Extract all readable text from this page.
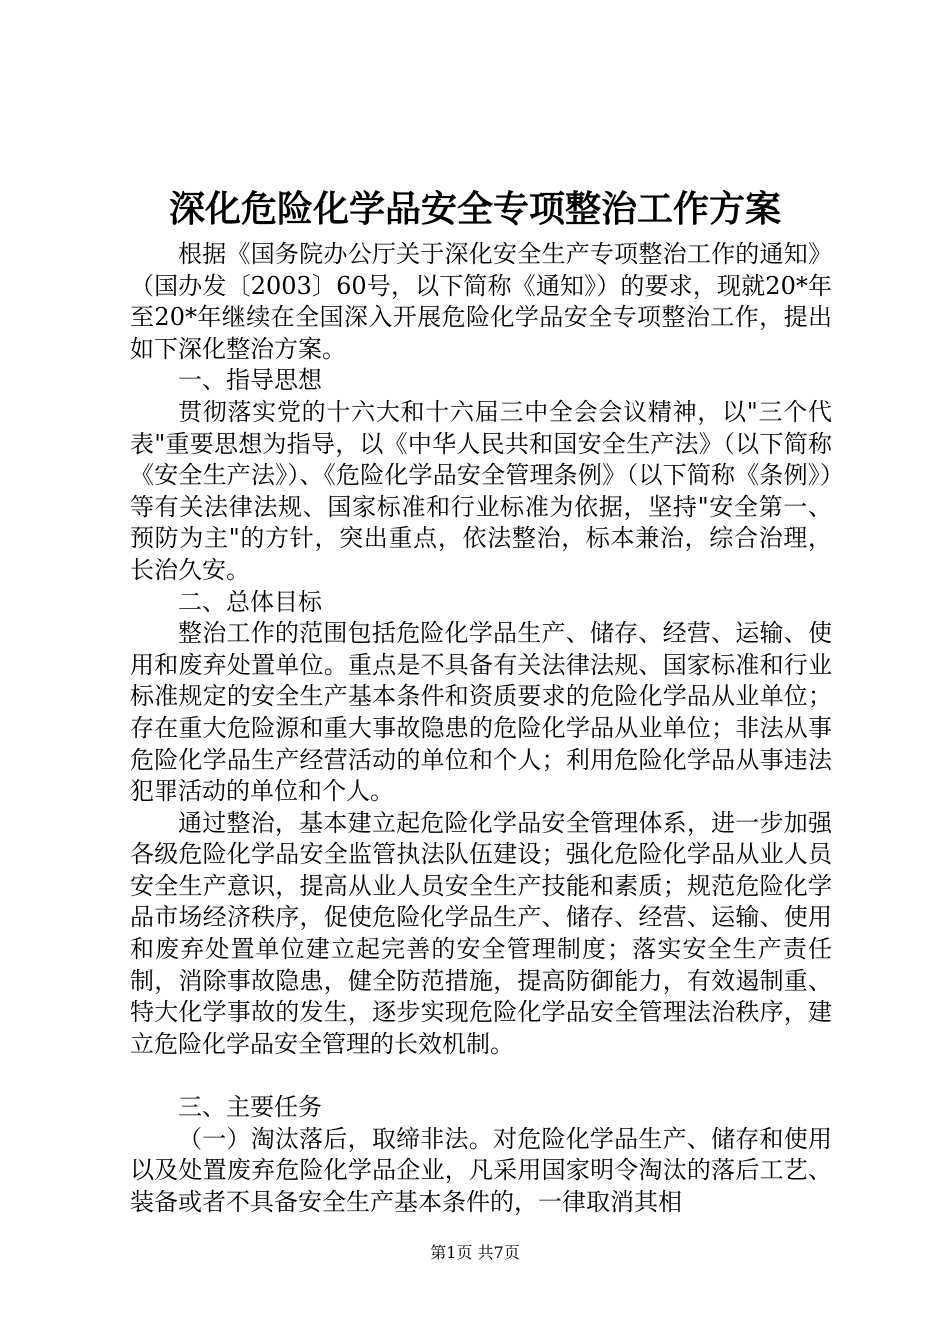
深化危险化学品安全专项整治工作方案

根据《国务院办公厅关于深化安全生产专项整治工作的通知》（国办发〔2003〕60号，以下简称《通知》）的要求，现就20*年至20*年继续在全国深入开展危险化学品安全专项整治工作，提出如下深化整治方案。

一、指导思想

贯彻落实党的十六大和十六届三中全会会议精神，以"三个代表"重要思想为指导，以《中华人民共和国安全生产法》（以下简称《安全生产法》）、《危险化学品安全管理条例》（以下简称《条例》）等有关法律法规、国家标准和行业标准为依据，坚持"安全第一、预防为主"的方针，突出重点，依法整治，标本兼治，综合治理，长治久安。

二、总体目标

整治工作的范围包括危险化学品生产、储存、经营、运输、使用和废弃处置单位。重点是不具备有关法律法规、国家标准和行业标准规定的安全生产基本条件和资质要求的危险化学品从业单位；存在重大危险源和重大事故隐患的危险化学品从业单位；非法从事危险化学品生产经营活动的单位和个人；利用危险化学品从事违法犯罪活动的单位和个人。

通过整治，基本建立起危险化学品安全管理体系，进一步加强各级危险化学品安全监管执法队伍建设；强化危险化学品从业人员安全生产意识，提高从业人员安全生产技能和素质；规范危险化学品市场经济秩序，促使危险化学品生产、储存、经营、运输、使用和废弃处置单位建立起完善的安全管理制度；落实安全生产责任制，消除事故隐患，健全防范措施，提高防御能力，有效遏制重、特大化学事故的发生，逐步实现危险化学品安全管理法治秩序，建立危险化学品安全管理的长效机制。

三、主要任务

（一）淘汰落后，取缔非法。对危险化学品生产、储存和使用以及处置废弃危险化学品企业，凡采用国家明令淘汰的落后工艺、装备或者不具备安全生产基本条件的，一律取消其相

第1页 共7页
